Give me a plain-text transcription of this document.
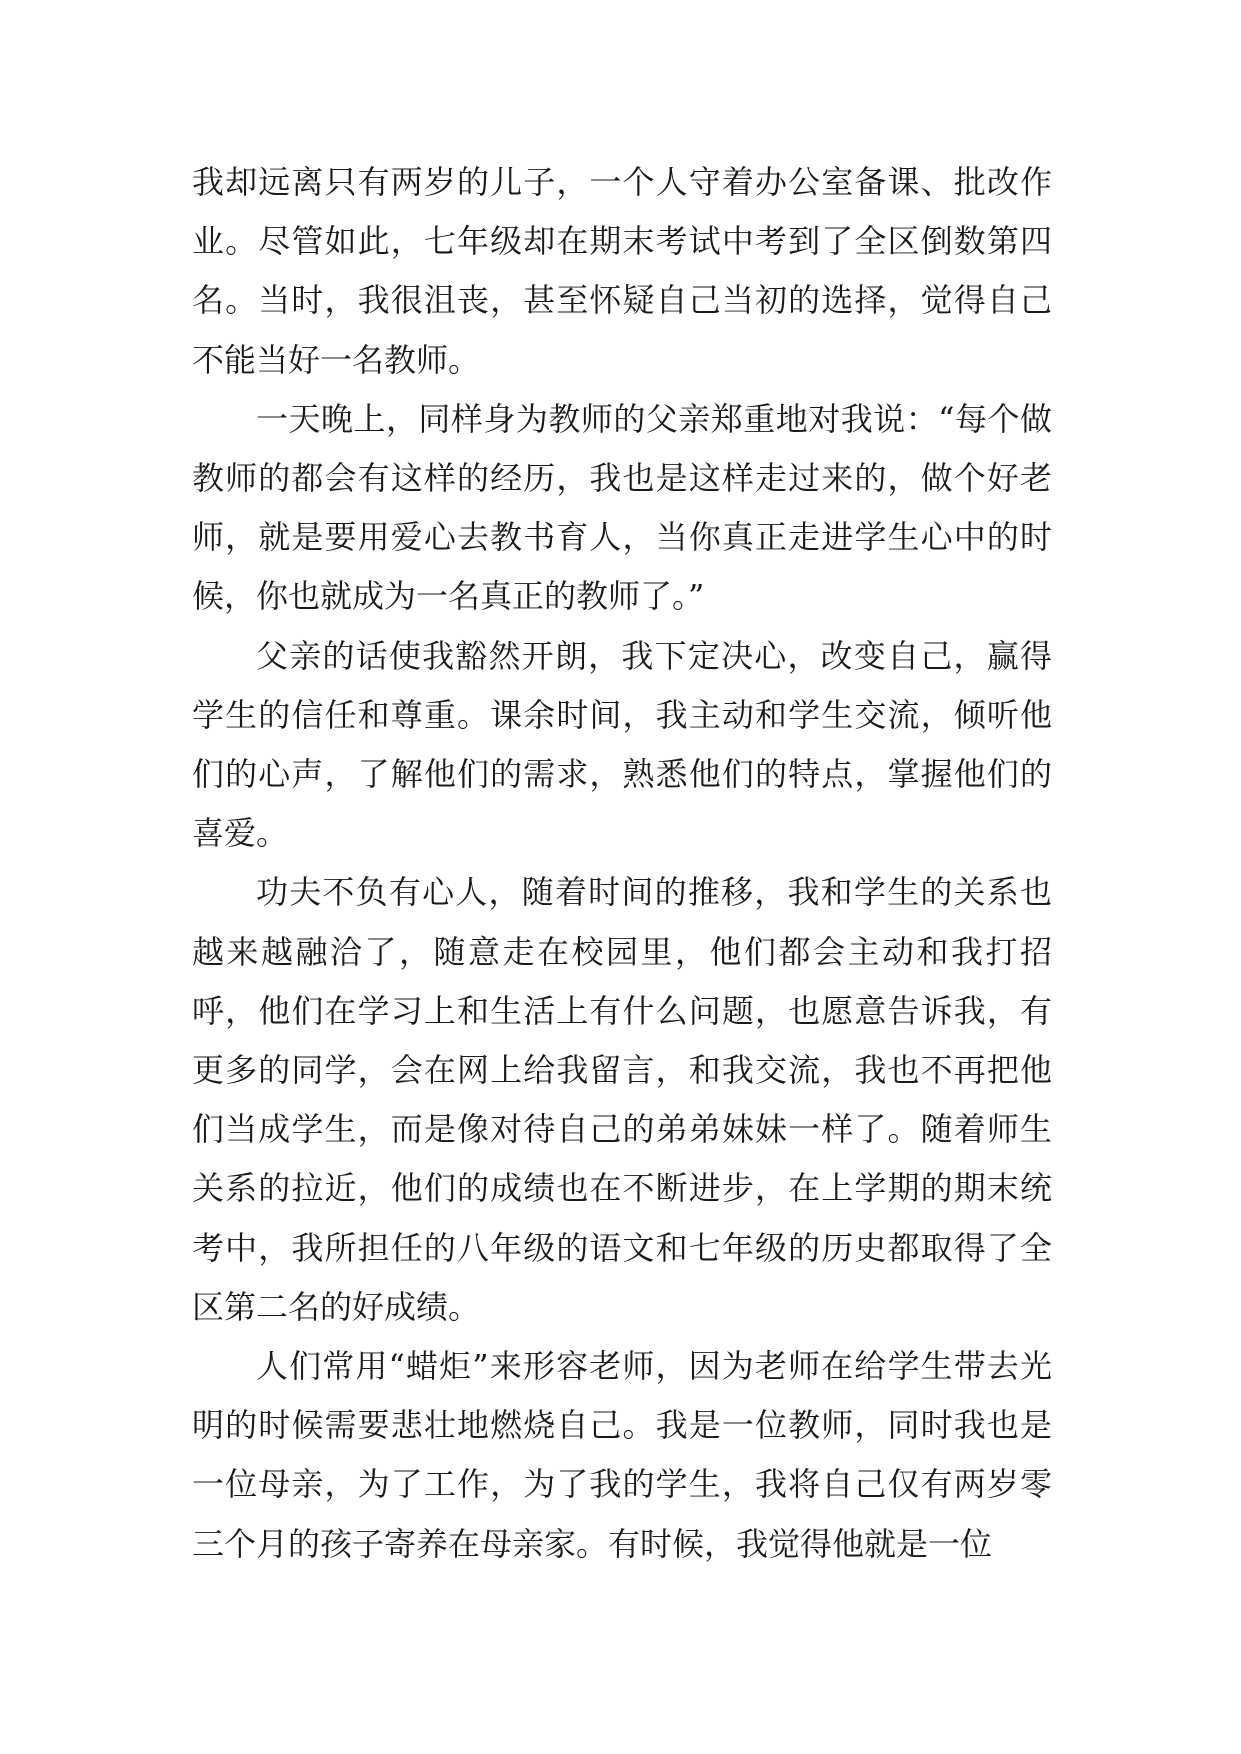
我却远离只有两岁的儿子，一个人守着办公室备课、批改作业。尽管如此，七年级却在期末考试中考到了全区倒数第四名。当时，我很沮丧，甚至怀疑自己当初的选择，觉得自己不能当好一名教师。

一天晚上，同样身为教师的父亲郑重地对我说：“每个做教师的都会有这样的经历，我也是这样走过来的，做个好老师，就是要用爱心去教书育人，当你真正走进学生心中的时候，你也就成为一名真正的教师了。”

父亲的话使我豁然开朗，我下定决心，改变自己，赢得学生的信任和尊重。课余时间，我主动和学生交流，倾听他们的心声，了解他们的需求，熟悉他们的特点，掌握他们的喜爱。

功夫不负有心人，随着时间的推移，我和学生的关系也越来越融洽了，随意走在校园里，他们都会主动和我打招呼，他们在学习上和生活上有什么问题，也愿意告诉我，有更多的同学，会在网上给我留言，和我交流，我也不再把他们当成学生，而是像对待自己的弟弟妹妹一样了。随着师生关系的拉近，他们的成绩也在不断进步，在上学期的期末统考中，我所担任的八年级的语文和七年级的历史都取得了全区第二名的好成绩。

人们常用“蜡炬”来形容老师，因为老师在给学生带去光明的时候需要悲壮地燃烧自己。我是一位教师，同时我也是一位母亲，为了工作，为了我的学生，我将自己仅有两岁零三个月的孩子寄养在母亲家。有时候，我觉得他就是一位
